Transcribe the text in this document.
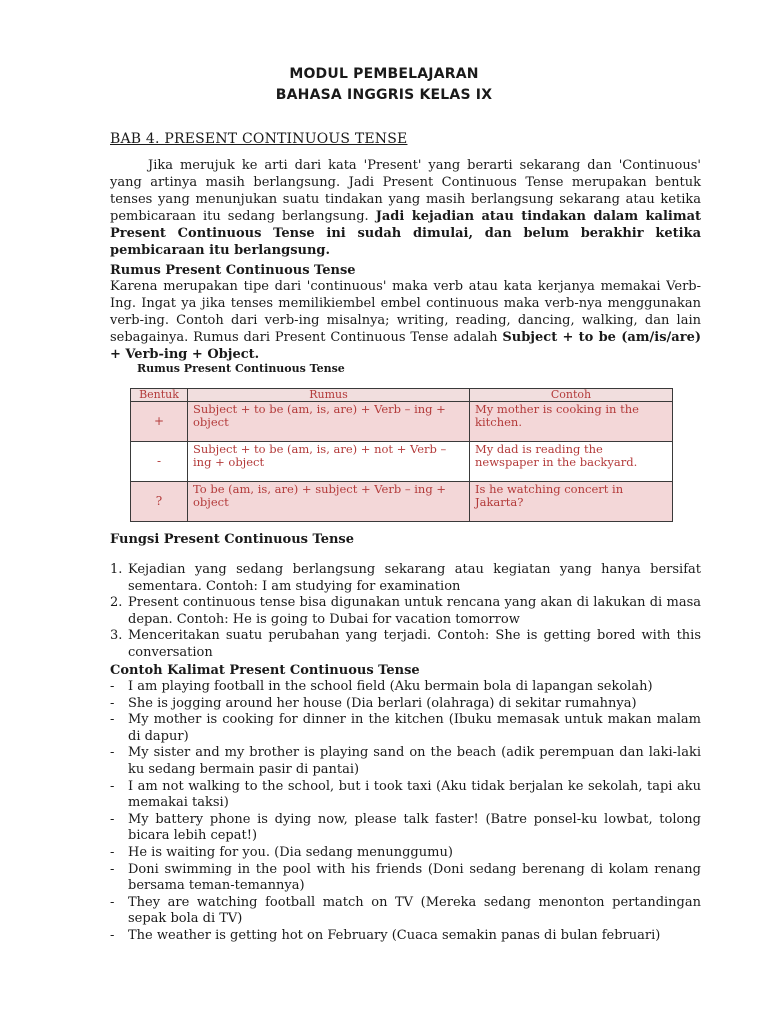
MODUL PEMBELAJARAN
BAHASA INGGRIS KELAS IX
BAB 4. PRESENT CONTINUOUS TENSE

Jika merujuk ke arti dari kata 'Present' yang berarti sekarang dan 'Continuous' yang artinya masih berlangsung. Jadi Present Continuous Tense merupakan bentuk tenses yang menunjukan suatu tindakan yang masih berlangsung sekarang atau ketika pembicaraan itu sedang berlangsung. Jadi kejadian atau tindakan dalam kalimat Present Continuous Tense ini sudah dimulai, dan belum berakhir ketika pembicaraan itu berlangsung.

Rumus Present Continuous Tense

Karena merupakan tipe dari 'continuous' maka verb atau kata kerjanya memakai Verb-Ing. Ingat ya jika tenses memilikiembel embel continuous maka verb-nya menggunakan verb-ing. Contoh dari verb-ing misalnya; writing, reading, dancing, walking, dan lain sebagainya. Rumus dari Present Continuous Tense adalah Subject + to be (am/is/are) + Verb-ing + Object.

Rumus Present Continuous Tense
Bentuk	Rumus	Contoh
+	Subject + to be (am, is, are) + Verb – ing + object	My mother is cooking in the kitchen.
-	Subject + to be (am, is, are) + not + Verb – ing + object	My dad is reading the newspaper in the backyard.
?	To be (am, is, are) + subject + Verb – ing + object	Is he watching concert in Jakarta?
Fungsi Present Continuous Tense
1. Kejadian yang sedang berlangsung sekarang atau kegiatan yang hanya bersifat sementara. Contoh: I am studying for examination
2. Present continuous tense bisa digunakan untuk rencana yang akan di lakukan di masa depan. Contoh: He is going to Dubai for vacation tomorrow
3. Menceritakan suatu perubahan yang terjadi. Contoh: She is getting bored with this conversation
Contoh Kalimat Present Continuous Tense
- I am playing football in the school field (Aku bermain bola di lapangan sekolah)
- She is jogging around her house (Dia berlari (olahraga) di sekitar rumahnya)
- My mother is cooking for dinner in the kitchen (Ibuku memasak untuk makan malam di dapur)
- My sister and my brother is playing sand on the beach (adik perempuan dan laki-laki ku sedang bermain pasir di pantai)
- I am not walking to the school, but i took taxi (Aku tidak berjalan ke sekolah, tapi aku memakai taksi)
- My battery phone is dying now, please talk faster! (Batre ponsel-ku lowbat, tolong bicara lebih cepat!)
- He is waiting for you. (Dia sedang menunggumu)
- Doni swimming in the pool with his friends (Doni sedang berenang di kolam renang bersama teman-temannya)
- They are watching football match on TV (Mereka sedang menonton pertandingan sepak bola di TV)
- The weather is getting hot on February (Cuaca semakin panas di bulan februari)
